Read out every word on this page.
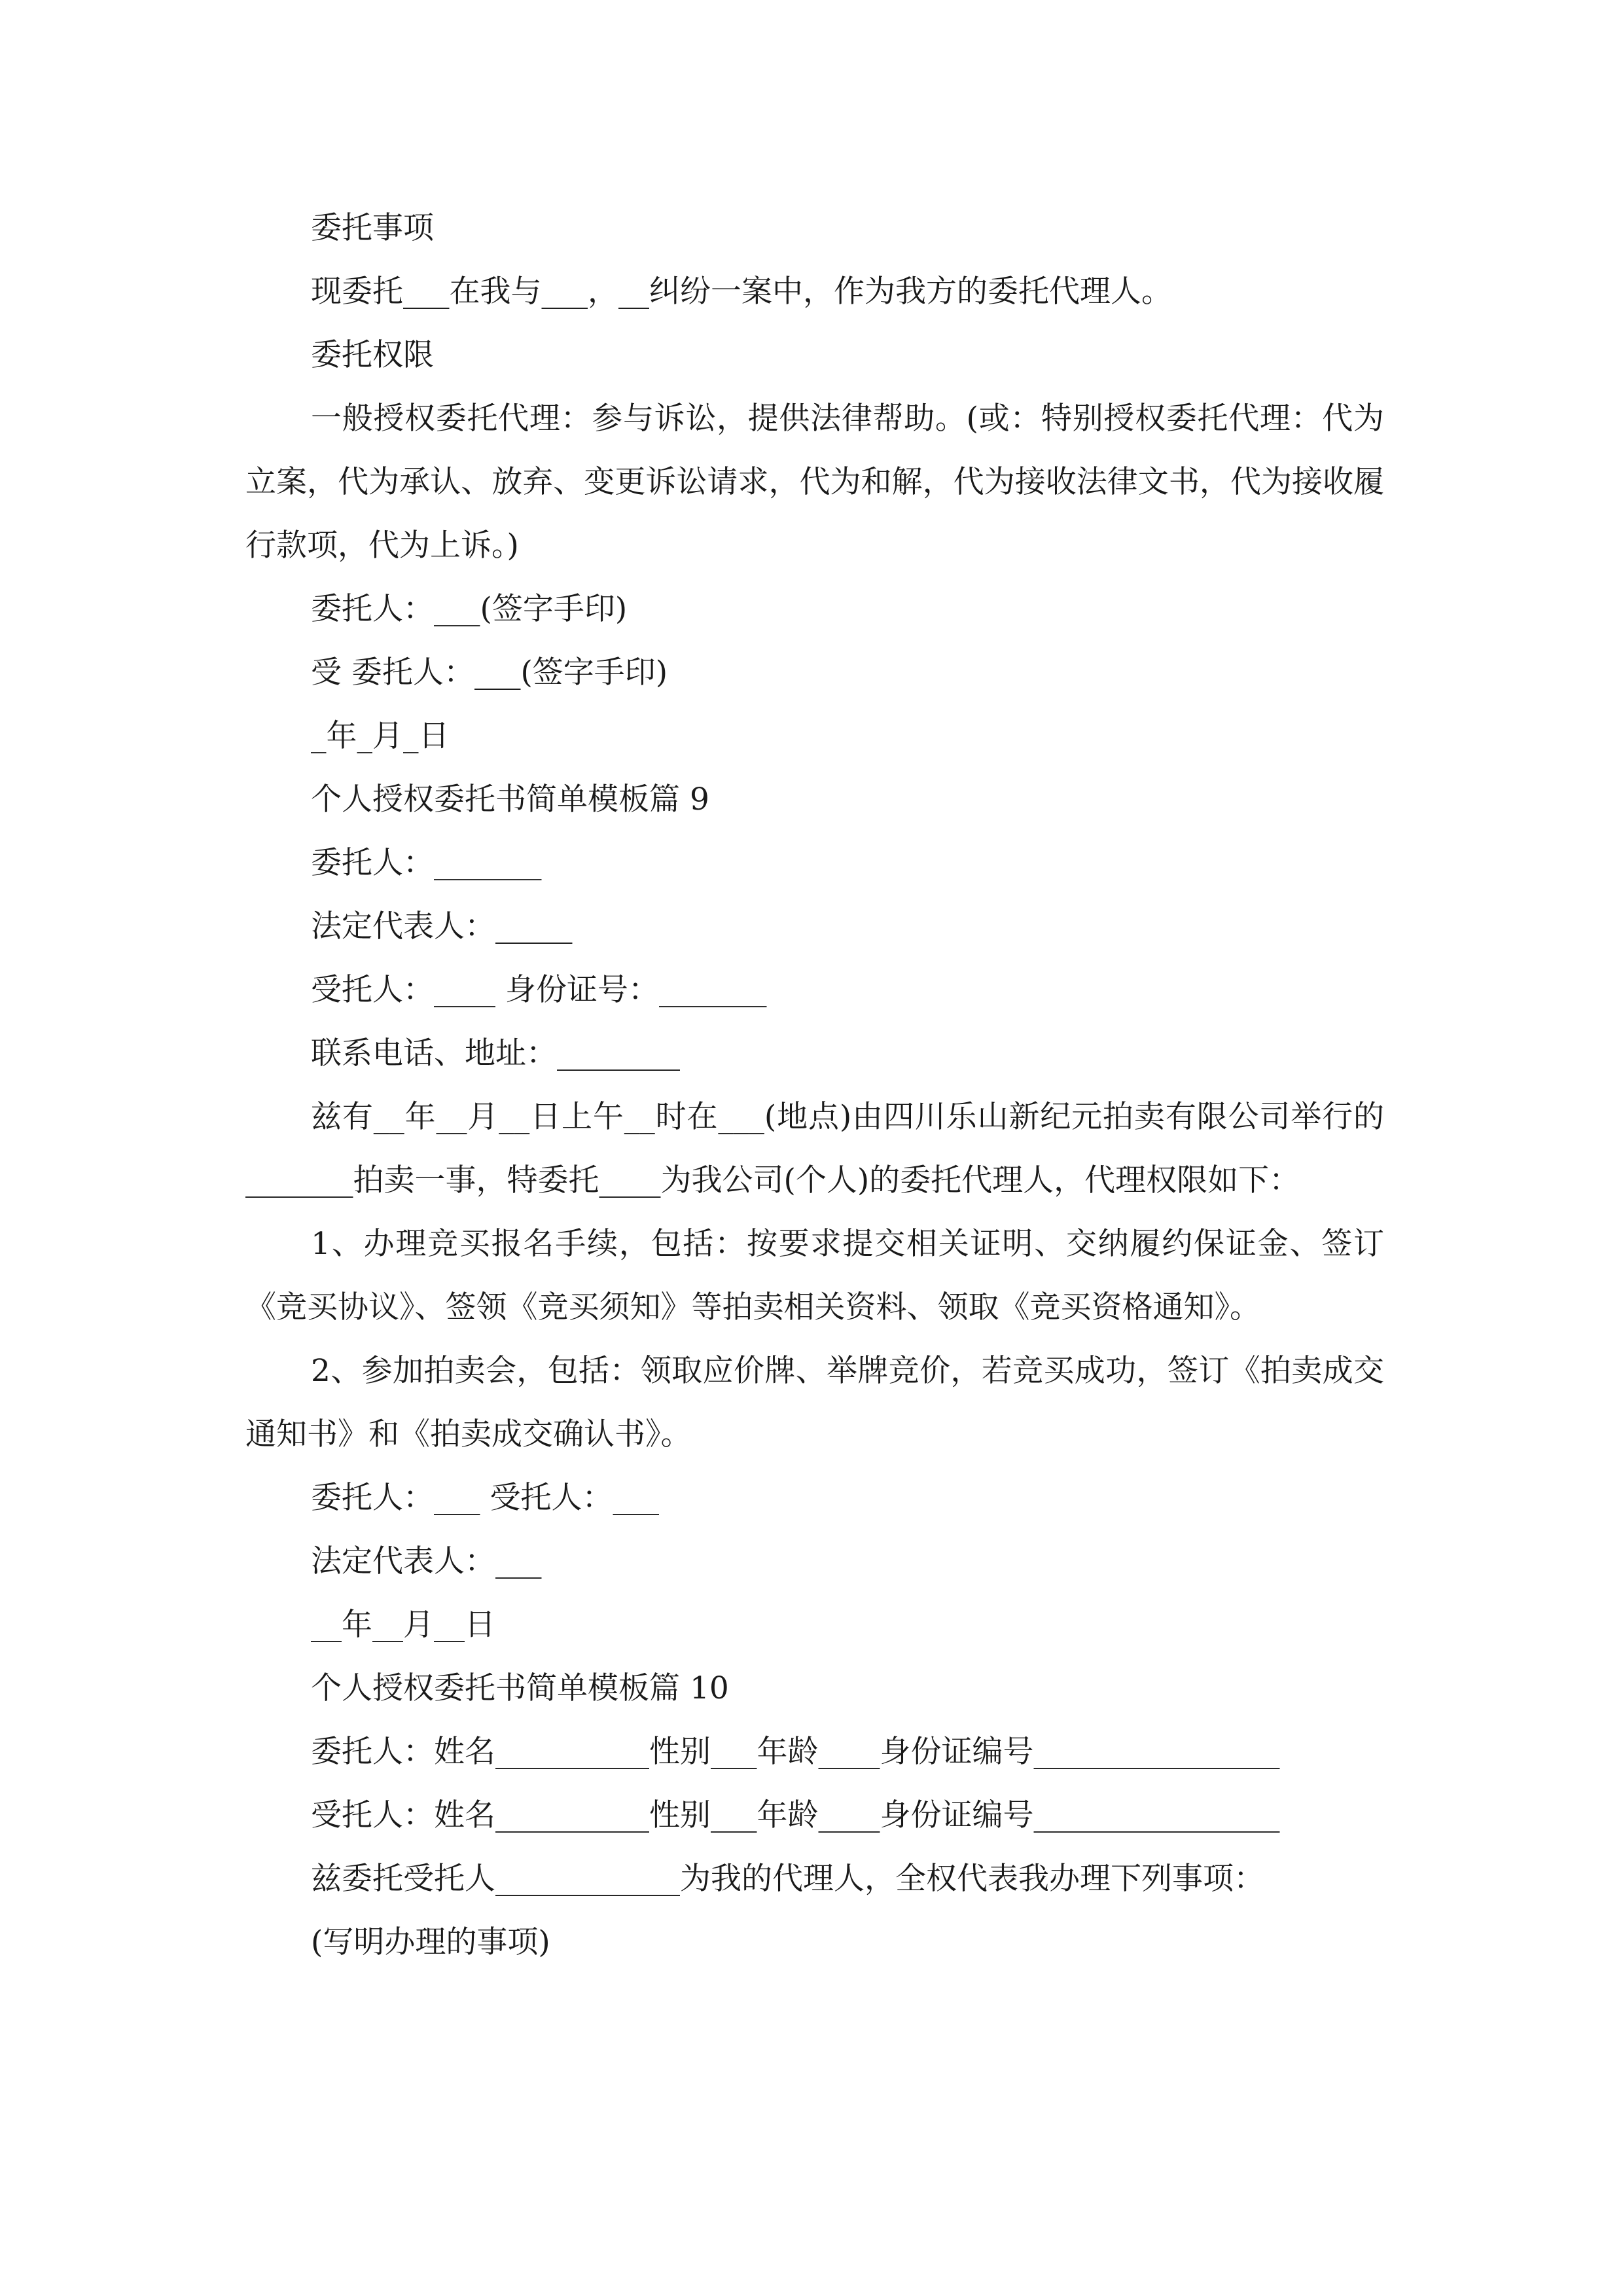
委托事项

现委托___在我与___，__纠纷一案中，作为我方的委托代理人。

委托权限

一般授权委托代理：参与诉讼，提供法律帮助。(或：特别授权委托代理：代为立案，代为承认、放弃、变更诉讼请求，代为和解，代为接收法律文书，代为接收履行款项，代为上诉。)

委托人：___(签字手印)

受 委托人：___(签字手印)

_年_月_日

个人授权委托书简单模板篇 9

委托人：_______

法定代表人：_____

受托人：____ 身份证号：_______

联系电话、地址：________

兹有__年__月__日上午__时在___(地点)由四川乐山新纪元拍卖有限公司举行的_______拍卖一事，特委托____为我公司(个人)的委托代理人，代理权限如下：

1、办理竞买报名手续，包括：按要求提交相关证明、交纳履约保证金、签订《竞买协议》、签领《竞买须知》等拍卖相关资料、领取《竞买资格通知》。

2、参加拍卖会，包括：领取应价牌、举牌竞价，若竞买成功，签订《拍卖成交通知书》和《拍卖成交确认书》。

委托人：___ 受托人：___

法定代表人：___

__年__月__日

个人授权委托书简单模板篇 10

委托人：姓名__________性别___年龄____身份证编号________________

受托人：姓名__________性别___年龄____身份证编号________________

兹委托受托人____________为我的代理人，全权代表我办理下列事项：

(写明办理的事项)
